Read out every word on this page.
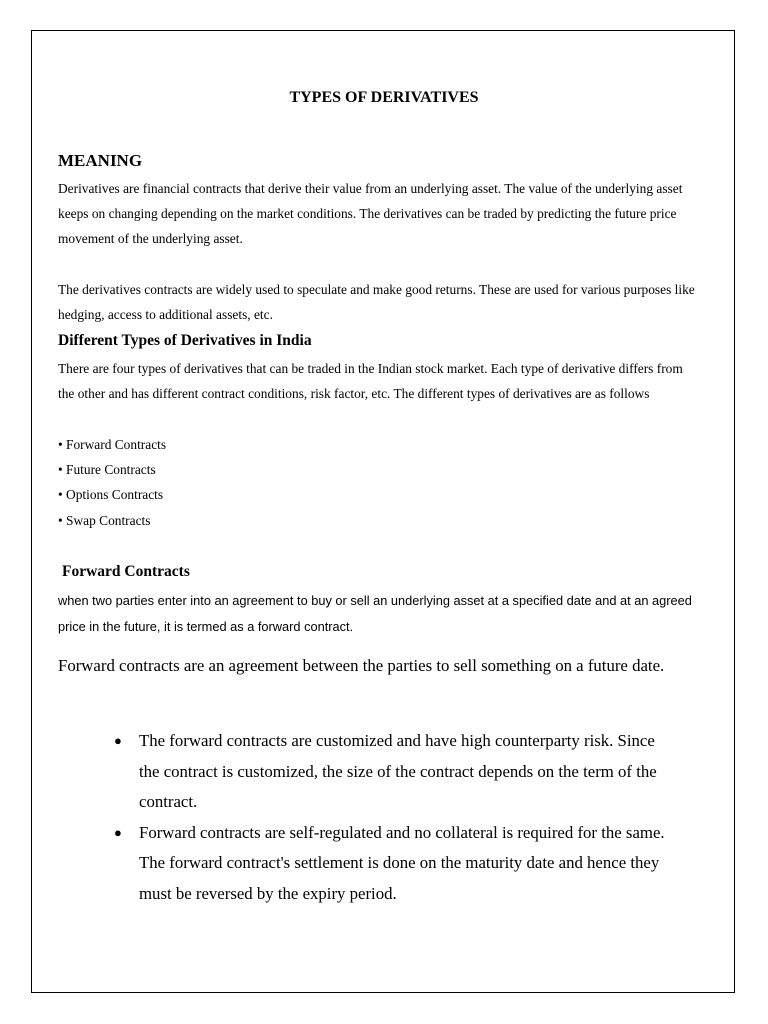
TYPES OF DERIVATIVES
MEANING

Derivatives are financial contracts that derive their value from an underlying asset. The value of the underlying asset keeps on changing depending on the market conditions. The derivatives can be traded by predicting the future price movement of the underlying asset.

The derivatives contracts are widely used to speculate and make good returns. These are used for various purposes like hedging, access to additional assets, etc.

Different Types of Derivatives in India

There are four types of derivatives that can be traded in the Indian stock market. Each type of derivative differs from the other and has different contract conditions, risk factor, etc. The different types of derivatives are as follows

• Forward Contracts
• Future Contracts
• Options Contracts
• Swap Contracts
Forward Contracts

when two parties enter into an agreement to buy or sell an underlying asset at a specified date and at an agreed price in the future, it is termed as a forward contract.

Forward contracts are an agreement between the parties to sell something on a future date.

● The forward contracts are customized and have high counterparty risk. Since the contract is customized, the size of the contract depends on the term of the contract.
● Forward contracts are self-regulated and no collateral is required for the same. The forward contract's settlement is done on the maturity date and hence they must be reversed by the expiry period.
